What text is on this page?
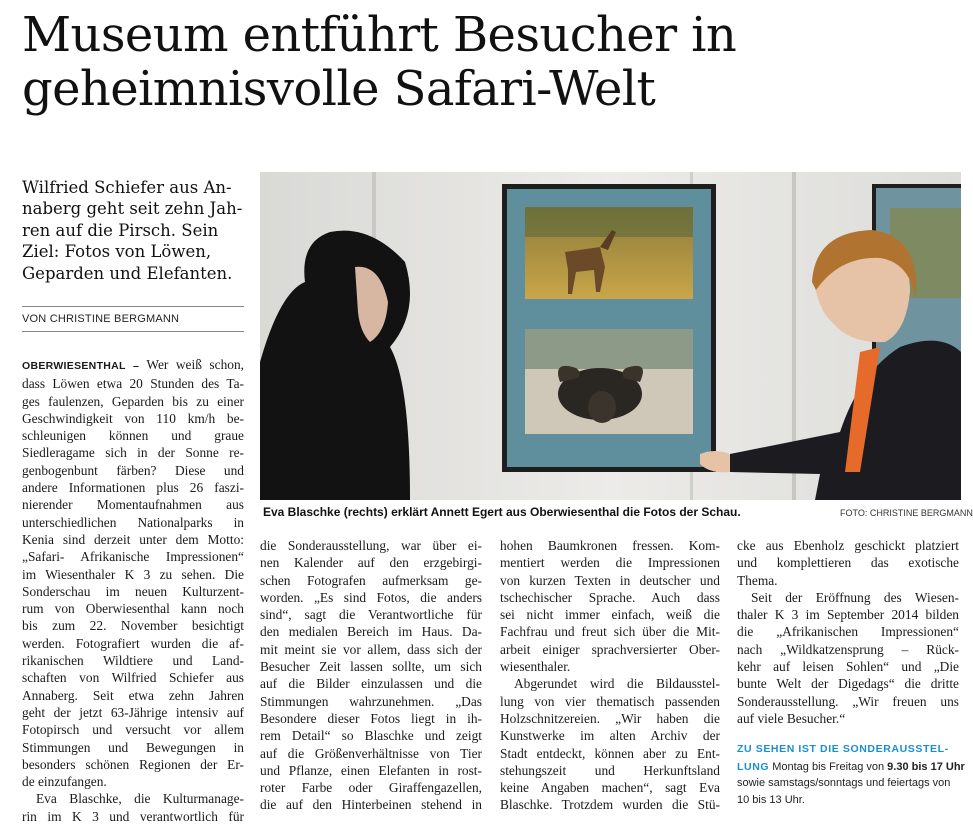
Museum entführt Besucher in
geheimnisvolle Safari-Welt

Wilfried Schiefer aus An-
naberg geht seit zehn Jah-
ren auf die Pirsch. Sein
Ziel: Fotos von Löwen,
Geparden und Elefanten.

VON CHRISTINE BERGMANN
Eva Blaschke (rechts) erklärt Annett Egert aus Oberwiesenthal die Fotos der Schau.	FOTO: CHRISTINE BERGMANN
OBERWIESENTHAL – Wer weiß schon,
dass Löwen etwa 20 Stunden des Ta-
ges faulenzen, Geparden bis zu einer
Geschwindigkeit von 110 km/h be-
schleunigen können und graue
Siedleragame sich in der Sonne re-
genbogenbunt färben? Diese und
andere Informationen plus 26 faszi-
nierender Momentaufnahmen aus
unterschiedlichen Nationalparks in
Kenia sind derzeit unter dem Motto:
„Safari- Afrikanische Impressionen“
im Wiesenthaler K 3 zu sehen. Die
Sonderschau im neuen Kulturzent-
rum von Oberwiesenthal kann noch
bis zum 22. November besichtigt
werden. Fotografiert wurden die af-
rikanischen Wildtiere und Land-
schaften von Wilfried Schiefer aus
Annaberg. Seit etwa zehn Jahren
geht der jetzt 63-Jährige intensiv auf
Fotopirsch und versucht vor allem
Stimmungen und Bewegungen in
besonders schönen Regionen der Er-
de einzufangen.
Eva Blaschke, die Kulturmanage-
rin im K 3 und verantwortlich für
die Sonderausstellung, war über ei-
nen Kalender auf den erzgebirgi-
schen Fotografen aufmerksam ge-
worden. „Es sind Fotos, die anders
sind“, sagt die Verantwortliche für
den medialen Bereich im Haus. Da-
mit meint sie vor allem, dass sich der
Besucher Zeit lassen sollte, um sich
auf die Bilder einzulassen und die
Stimmungen wahrzunehmen. „Das
Besondere dieser Fotos liegt in ih-
rem Detail“ so Blaschke und zeigt
auf die Größenverhältnisse von Tier
und Pflanze, einen Elefanten in rost-
roter Farbe oder Giraffengazellen,
die auf den Hinterbeinen stehend in
hohen Baumkronen fressen. Kom-
mentiert werden die Impressionen
von kurzen Texten in deutscher und
tschechischer Sprache. Auch dass
sei nicht immer einfach, weiß die
Fachfrau und freut sich über die Mit-
arbeit einiger sprachversierter Ober-
wiesenthaler.
Abgerundet wird die Bildausstel-
lung von vier thematisch passenden
Holzschnitzereien. „Wir haben die
Kunstwerke im alten Archiv der
Stadt entdeckt, können aber zu Ent-
stehungszeit und Herkunftsland
keine Angaben machen“, sagt Eva
Blaschke. Trotzdem wurden die Stü-
cke aus Ebenholz geschickt platziert
und komplettieren das exotische
Thema.
Seit der Eröffnung des Wiesen-
thaler K 3 im September 2014 bilden
die „Afrikanischen Impressionen“
nach „Wildkatzensprung – Rück-
kehr auf leisen Sohlen“ und „Die
bunte Welt der Digedags“ die dritte
Sonderausstellung. „Wir freuen uns
auf viele Besucher.“
ZU SEHEN IST DIE SONDERAUSSTEL-
LUNG Montag bis Freitag von 9.30 bis 17 Uhr
sowie samstags/sonntags und feiertags von
10 bis 13 Uhr.
